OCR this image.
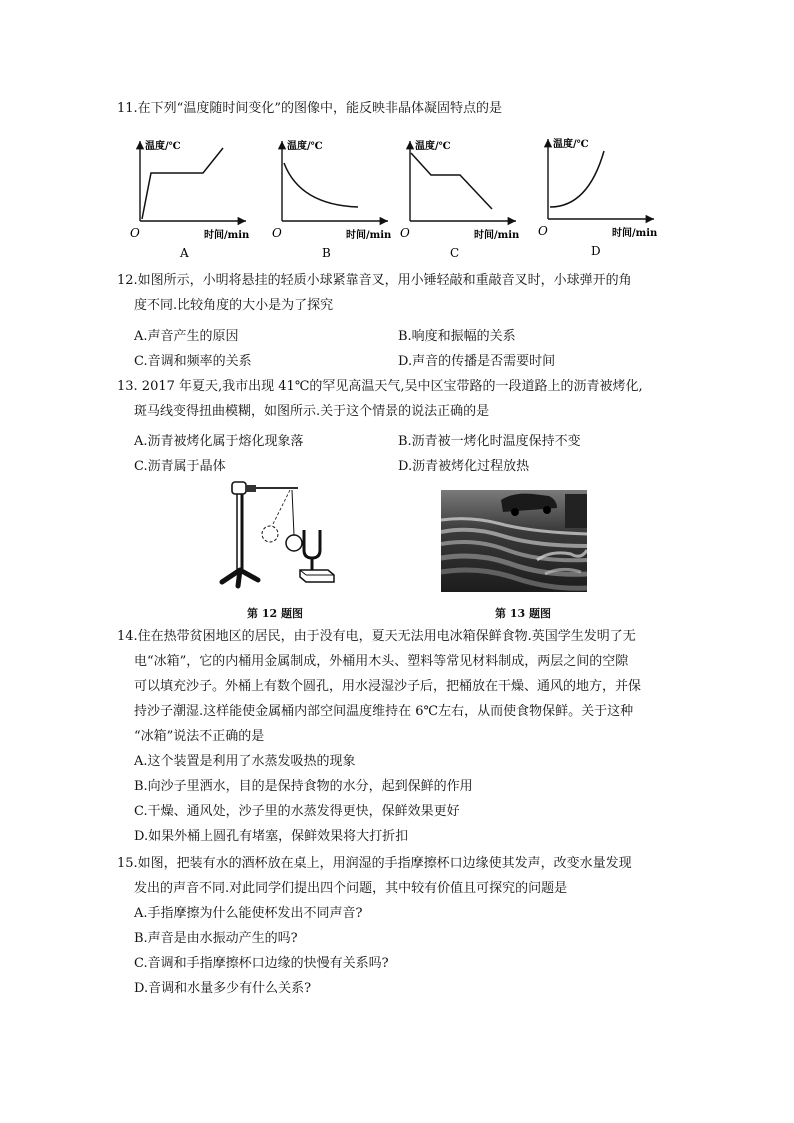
11.在下列“温度随时间变化”的图像中，能反映非晶体凝固特点的是
温度/℃
O	时间/min
A
温度/℃
O	时间/min
B
温度/℃
O	时间/min
C
温度/℃
O	时间/min
D
12.如图所示，小明将悬挂的轻质小球紧靠音叉，用小锤轻敲和重敲音叉时，小球弹开的角
度不同.比较角度的大小是为了探究
A.声音产生的原因	B.响度和振幅的关系
C.音调和频率的关系	D.声音的传播是否需要时间
13. 2017 年夏天,我市出现 41℃的罕见高温天气,吴中区宝带路的一段道路上的沥青被烤化,
斑马线变得扭曲模糊，如图所示.关于这个情景的说法正确的是
A.沥青被烤化属于熔化现象落	B.沥青被一烤化时温度保持不变
C.沥青属于晶体	D.沥青被烤化过程放热
第 12 题图	第 13 题图
14.住在热带贫困地区的居民，由于没有电，夏天无法用电冰箱保鲜食物.英国学生发明了无
电“冰箱”，它的内桶用金属制成，外桶用木头、塑料等常见材料制成，两层之间的空隙
可以填充沙子。外桶上有数个圆孔，用水浸湿沙子后，把桶放在干燥、通风的地方，并保
持沙子潮湿.这样能使金属桶内部空间温度维持在 6℃左右，从而使食物保鲜。关于这种
“冰箱”说法不正确的是
A.这个装置是利用了水蒸发吸热的现象
B.向沙子里洒水，目的是保持食物的水分，起到保鲜的作用
C.干燥、通风处，沙子里的水蒸发得更快，保鲜效果更好
D.如果外桶上圆孔有堵塞，保鲜效果将大打折扣
15.如图，把装有水的酒杯放在桌上，用润湿的手指摩擦杯口边缘使其发声，改变水量发现
发出的声音不同.对此同学们提出四个问题，其中较有价值且可探究的问题是
A.手指摩擦为什么能使杯发出不同声音?
B.声音是由水振动产生的吗?
C.音调和手指摩擦杯口边缘的快慢有关系吗?
D.音调和水量多少有什么关系?
